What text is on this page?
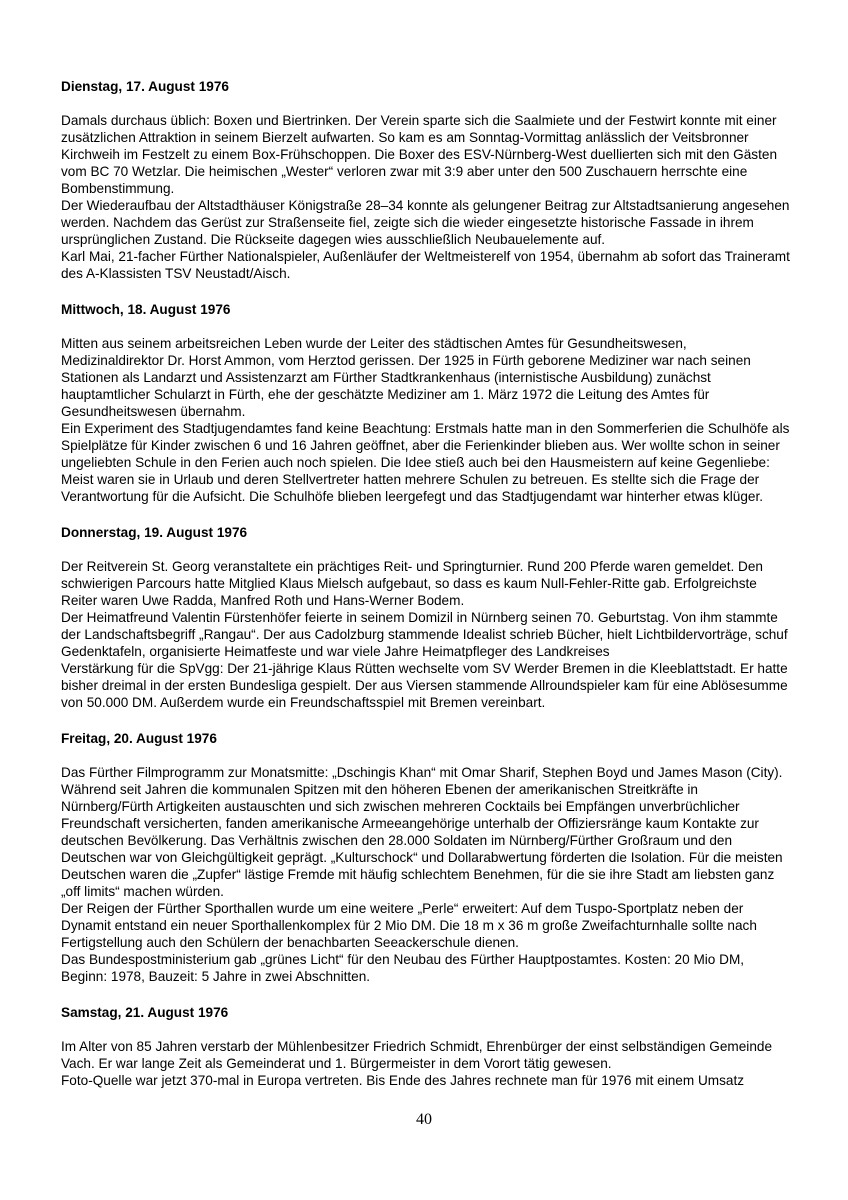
Dienstag, 17. August 1976

Damals durchaus üblich: Boxen und Biertrinken. Der Verein sparte sich die Saalmiete und der Festwirt konnte mit einer zusätzlichen Attraktion in seinem Bierzelt aufwarten. So kam es am Sonntag-Vormittag anlässlich der Veitsbronner Kirchweih im Festzelt zu einem Box-Frühschoppen. Die Boxer des ESV-Nürnberg-West duellierten sich mit den Gästen vom BC 70 Wetzlar. Die heimischen „Wester“ verloren zwar mit 3:9 aber unter den 500 Zuschauern herrschte eine Bombenstimmung.

Der Wiederaufbau der Altstadthäuser Königstraße 28–34 konnte als gelungener Beitrag zur Altstadtsanierung angesehen werden. Nachdem das Gerüst zur Straßenseite fiel, zeigte sich die wieder eingesetzte historische Fassade in ihrem ursprünglichen Zustand. Die Rückseite dagegen wies ausschließlich Neubauelemente auf.

Karl Mai, 21-facher Fürther Nationalspieler, Außenläufer der Weltmeisterelf von 1954, übernahm ab sofort das Traineramt des A-Klassisten TSV Neustadt/Aisch.

Mittwoch, 18. August 1976

Mitten aus seinem arbeitsreichen Leben wurde der Leiter des städtischen Amtes für Gesundheitswesen, Medizinaldirektor Dr. Horst Ammon, vom Herztod gerissen. Der 1925 in Fürth geborene Mediziner war nach seinen Stationen als Landarzt und Assistenzarzt am Fürther Stadtkrankenhaus (internistische Ausbildung) zunächst hauptamtlicher Schularzt in Fürth, ehe der geschätzte Mediziner am 1. März 1972 die Leitung des Amtes für Gesundheitswesen übernahm.

Ein Experiment des Stadtjugendamtes fand keine Beachtung: Erstmals hatte man in den Sommerferien die Schulhöfe als Spielplätze für Kinder zwischen 6 und 16 Jahren geöffnet, aber die Ferienkinder blieben aus. Wer wollte schon in seiner ungeliebten Schule in den Ferien auch noch spielen. Die Idee stieß auch bei den Hausmeistern auf keine Gegenliebe: Meist waren sie in Urlaub und deren Stellvertreter hatten mehrere Schulen zu betreuen. Es stellte sich die Frage der Verantwortung für die Aufsicht. Die Schulhöfe blieben leergefegt und das Stadtjugendamt war hinterher etwas klüger.

Donnerstag, 19. August 1976

Der Reitverein St. Georg veranstaltete ein prächtiges Reit- und Springturnier. Rund 200 Pferde waren gemeldet. Den schwierigen Parcours hatte Mitglied Klaus Mielsch aufgebaut, so dass es kaum Null-Fehler-Ritte gab. Erfolgreichste Reiter waren Uwe Radda, Manfred Roth und Hans-Werner Bodem.

Der Heimatfreund Valentin Fürstenhöfer feierte in seinem Domizil in Nürnberg seinen 70. Geburtstag. Von ihm stammte der Landschaftsbegriff „Rangau“. Der aus Cadolzburg stammende Idealist schrieb Bücher, hielt Lichtbildervorträge, schuf Gedenktafeln, organisierte Heimatfeste und war viele Jahre Heimatpfleger des Landkreises

Verstärkung für die SpVgg: Der 21-jährige Klaus Rütten wechselte vom SV Werder Bremen in die Kleeblattstadt. Er hatte bisher dreimal in der ersten Bundesliga gespielt. Der aus Viersen stammende Allroundspieler kam für eine Ablösesumme von 50.000 DM. Außerdem wurde ein Freundschaftsspiel mit Bremen vereinbart.

Freitag, 20. August 1976

Das Fürther Filmprogramm zur Monatsmitte: „Dschingis Khan“ mit Omar Sharif, Stephen Boyd und James Mason (City).

Während seit Jahren die kommunalen Spitzen mit den höheren Ebenen der amerikanischen Streitkräfte in Nürnberg/Fürth Artigkeiten austauschten und sich zwischen mehreren Cocktails bei Empfängen unverbrüchlicher Freundschaft versicherten, fanden amerikanische Armeeangehörige unterhalb der Offiziersränge kaum Kontakte zur deutschen Bevölkerung. Das Verhältnis zwischen den 28.000 Soldaten im Nürnberg/Fürther Großraum und den Deutschen war von Gleichgültigkeit geprägt. „Kulturschock“ und Dollarabwertung förderten die Isolation. Für die meisten Deutschen waren die „Zupfer“ lästige Fremde mit häufig schlechtem Benehmen, für die sie ihre Stadt am liebsten ganz „off limits“ machen würden.

Der Reigen der Fürther Sporthallen wurde um eine weitere „Perle“ erweitert: Auf dem Tuspo-Sportplatz neben der Dynamit entstand ein neuer Sporthallenkomplex für 2 Mio DM. Die 18 m x 36 m große Zweifachturnhalle sollte nach Fertigstellung auch den Schülern der benachbarten Seeackerschule dienen.

Das Bundespostministerium gab „grünes Licht“ für den Neubau des Fürther Hauptpostamtes. Kosten: 20 Mio DM, Beginn: 1978, Bauzeit: 5 Jahre in zwei Abschnitten.

Samstag, 21. August 1976

Im Alter von 85 Jahren verstarb der Mühlenbesitzer Friedrich Schmidt, Ehrenbürger der einst selbständigen Gemeinde Vach. Er war lange Zeit als Gemeinderat und 1. Bürgermeister in dem Vorort tätig gewesen.

Foto-Quelle war jetzt 370-mal in Europa vertreten. Bis Ende des Jahres rechnete man für 1976 mit einem Umsatz

40
